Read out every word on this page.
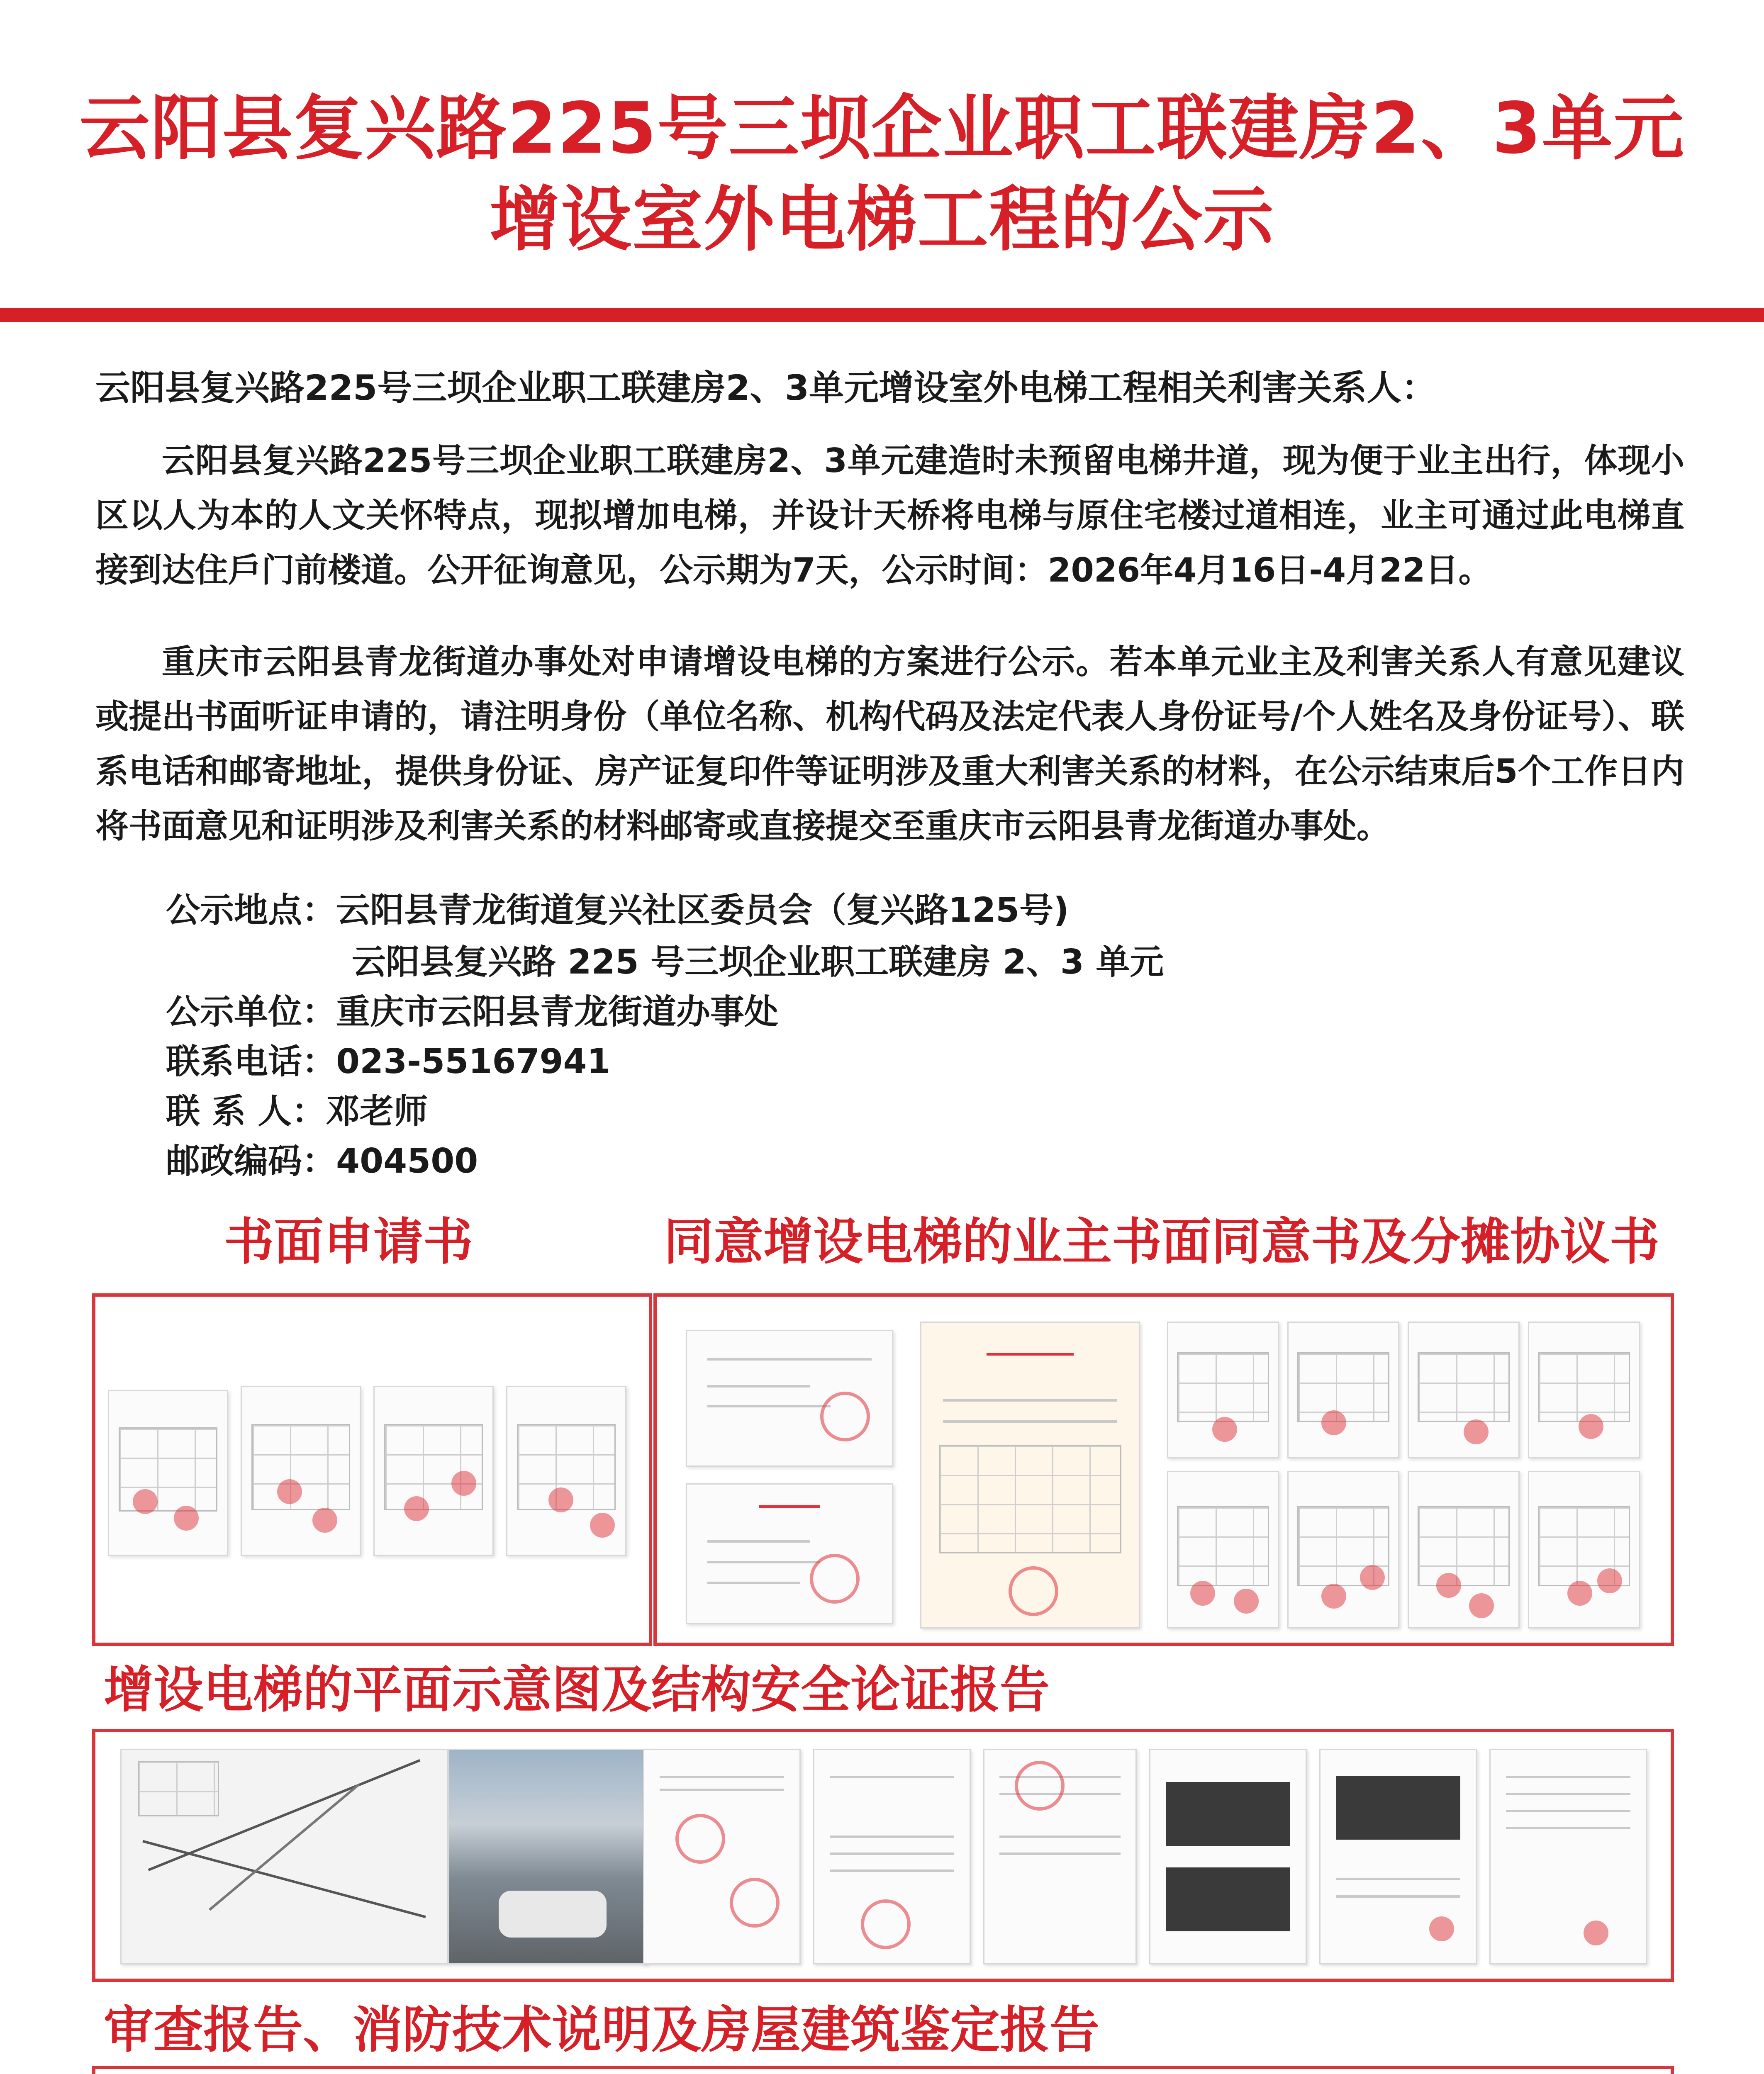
云阳县复兴路225号三坝企业职工联建房2、3单元
增设室外电梯工程的公示
云阳县复兴路225号三坝企业职工联建房2、3单元增设室外电梯工程相关利害关系人：
云阳县复兴路225号三坝企业职工联建房2、3单元建造时未预留电梯井道，现为便于业主出行，体现小区以人为本的人文关怀特点，现拟增加电梯，并设计天桥将电梯与原住宅楼过道相连，业主可通过此电梯直接到达住戶门前楼道。公开征询意见，公示期为7天，公示时间：2026年4月16日-4月22日。
重庆市云阳县青龙街道办事处对申请增设电梯的方案进行公示。若本单元业主及利害关系人有意见建议或提出书面听证申请的，请注明身份（单位名称、机构代码及法定代表人身份证号/个人姓名及身份证号）、联系电话和邮寄地址，提供身份证、房产证复印件等证明涉及重大利害关系的材料，在公示结束后5个工作日内将书面意见和证明涉及利害关系的材料邮寄或直接提交至重庆市云阳县青龙街道办事处。
公示地点：云阳县青龙街道复兴社区委员会（复兴路125号)
云阳县复兴路 225 号三坝企业职工联建房 2、3 单元
公示单位：重庆市云阳县青龙街道办事处
联系电话：023-55167941
联 系 人：邓老师
邮政编码：404500
书面申请书	同意增设电梯的业主书面同意书及分摊协议书
增设电梯的平面示意图及结构安全论证报告
审查报告、消防技术说明及房屋建筑鉴定报告
